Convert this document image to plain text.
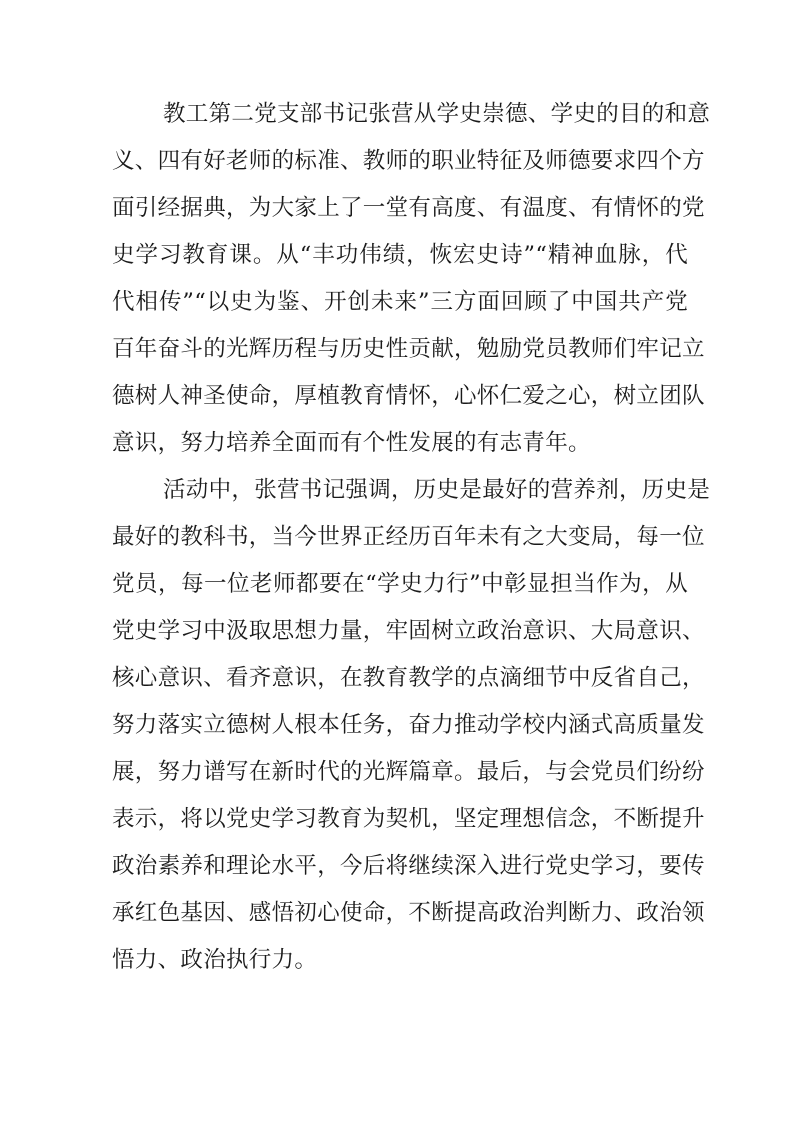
教工第二党支部书记张营从学史崇德、学史的目的和意
义、四有好老师的标准、教师的职业特征及师德要求四个方
面引经据典，为大家上了一堂有高度、有温度、有情怀的党
史学习教育课。从“丰功伟绩，恢宏史诗”“精神血脉，代
代相传”“以史为鉴、开创未来”三方面回顾了中国共产党
百年奋斗的光辉历程与历史性贡献，勉励党员教师们牢记立
德树人神圣使命，厚植教育情怀，心怀仁爱之心，树立团队
意识，努力培养全面而有个性发展的有志青年。
活动中，张营书记强调，历史是最好的营养剂，历史是
最好的教科书，当今世界正经历百年未有之大变局，每一位
党员，每一位老师都要在“学史力行”中彰显担当作为，从
党史学习中汲取思想力量，牢固树立政治意识、大局意识、
核心意识、看齐意识，在教育教学的点滴细节中反省自己，
努力落实立德树人根本任务，奋力推动学校内涵式高质量发
展，努力谱写在新时代的光辉篇章。最后，与会党员们纷纷
表示，将以党史学习教育为契机，坚定理想信念，不断提升
政治素养和理论水平，今后将继续深入进行党史学习，要传
承红色基因、感悟初心使命，不断提高政治判断力、政治领
悟力、政治执行力。
